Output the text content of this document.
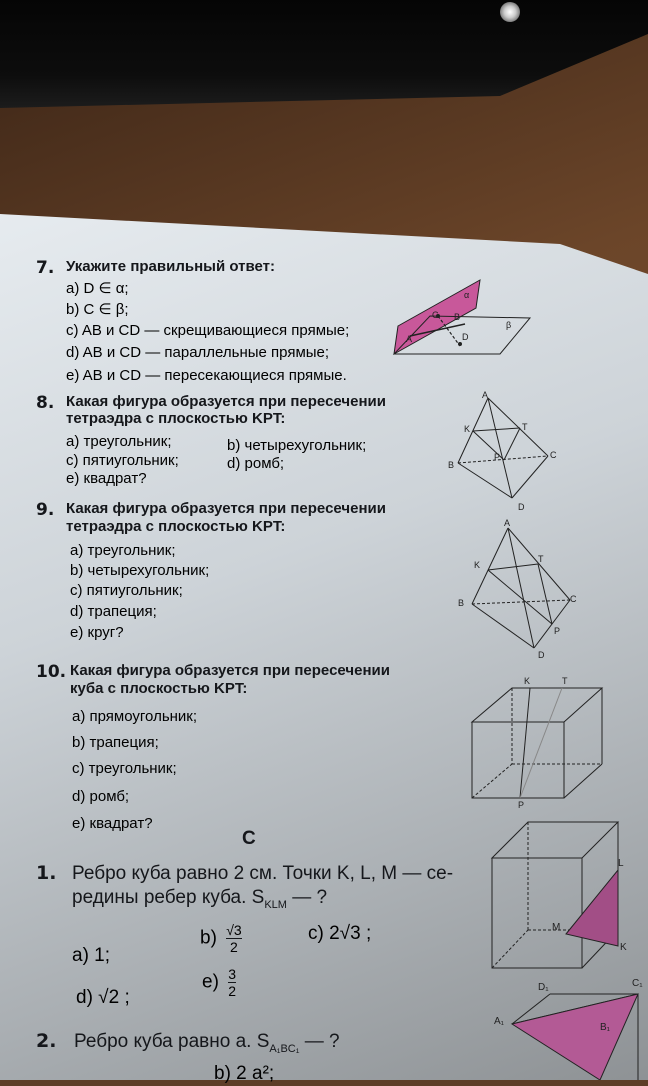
7. Укажите правильный ответ:
a) D ∈ α;
b) C ∈ β;
c) AB и CD — скрещивающиеся прямые;
d) AB и CD — параллельные прямые;
e) AB и CD — пересекающиеся прямые.
α
β
A
B
C
D
8. Какая фигура образуется при пересечении
тетраэдра с плоскостью KPT:
a) треугольник;	b) четырехугольник;
c) пятиугольник;	d) ромб;
e) квадрат?
A
K	T
P
B
C
D
9. Какая фигура образуется при пересечении
тетраэдра с плоскостью KPT:
a) треугольник;
b) четырехугольник;
c) пятиугольник;
d) трапеция;
e) круг?
A
K
T
B	C
P
D
10. Какая фигура образуется при пересечении
куба с плоскостью KPT:
a) прямоугольник;
b) трапеция;
c) треугольник;
d) ромб;
e) квадрат?
K	T
P
C
1. Ребро куба равно 2 см. Точки K, L, M — се-
редины ребер куба. $S_{KLM}$ — ?
a) 1;
$b) \frac{√3}{2}$	c) 2√3 ;
d) √2 ;
$e) \frac{3}{2}$
L
M
K
2. Ребро куба равно a. $S_{A_1BC_1}$ — ?
b) 2 a²;
A₁
D₁	C₁
B₁
